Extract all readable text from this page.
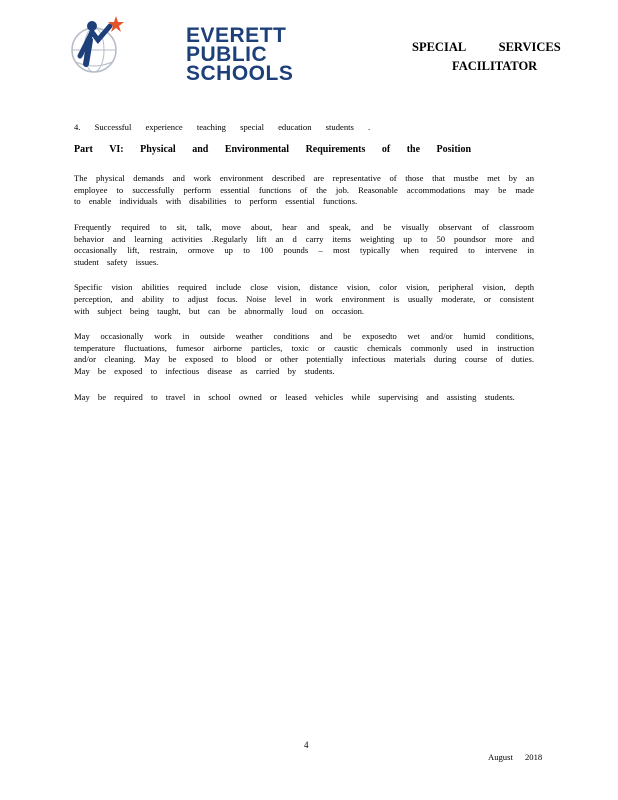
EVERETT
PUBLIC
SCHOOLS
SPECIAL SERVICES
FACILITATOR

4. Successful experience teaching special education students .

Part VI: Physical and Environmental Requirements of the Position

The physical demands and work environment described are representative of those that mustbe met by an employee to successfully perform essential functions of the job. Reasonable accommodations may be made to enable individuals with disabilities to perform essential functions.

Frequently required to sit, talk, move about, hear and speak, and be visually observant of classroom behavior and learning activities .Regularly lift an d carry items weighting up to 50 poundsor more and occasionally lift, restrain, ormove up to 100 pounds – most typically when required to intervene in student safety issues.

Specific vision abilities required include close vision, distance vision, color vision, peripheral vision, depth perception, and ability to adjust focus. Noise level in work environment is usually moderate, or consistent with subject being taught, but can be abnormally loud on occasion.

May occasionally work in outside weather conditions and be exposedto wet and/or humid conditions, temperature fluctuations, fumesor airborne particles, toxic or caustic chemicals commonly used in instruction and/or cleaning. May be exposed to blood or other potentially infectious materials during course of duties. May be exposed to infectious disease as carried by students.

May be required to travel in school owned or leased vehicles while supervising and assisting students.

4
August 2018
